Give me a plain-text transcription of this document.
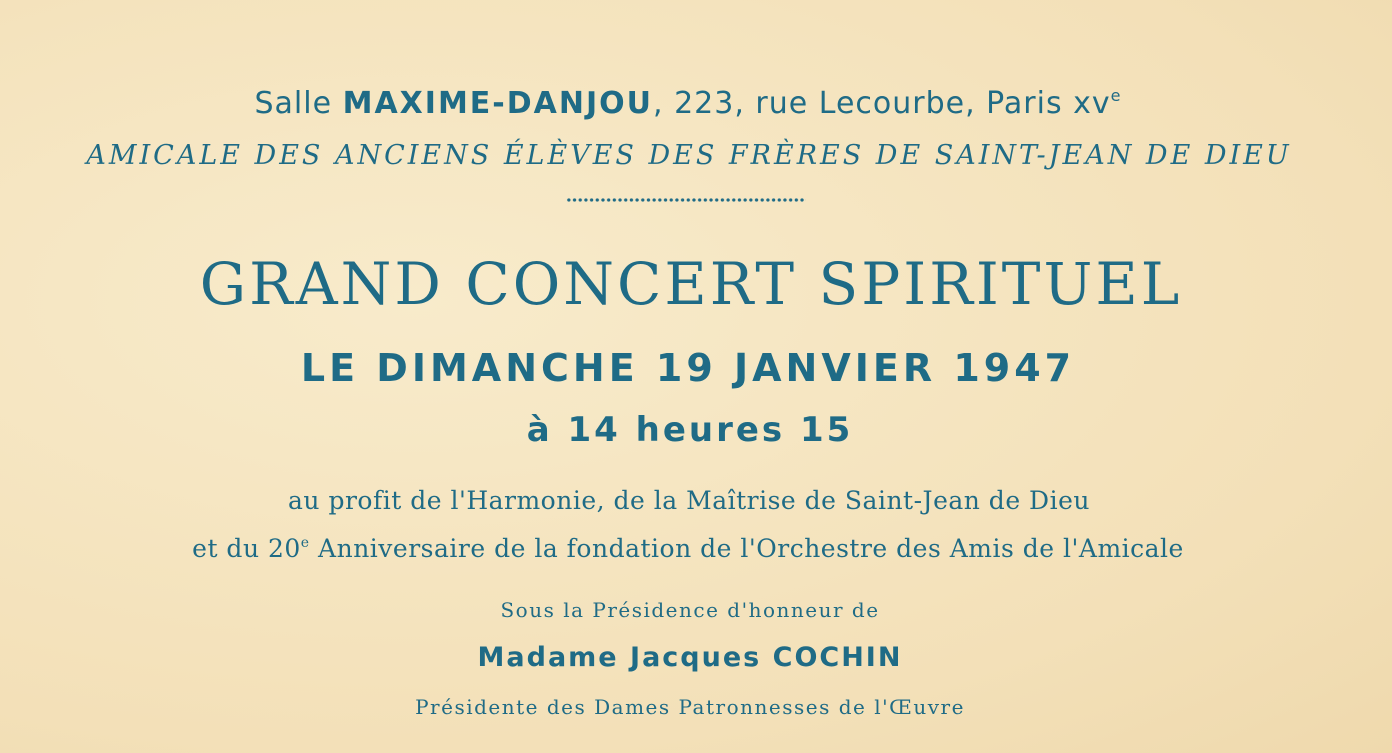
Salle MAXIME-DANJOU, 223, rue Lecourbe, Paris $xv^e$
AMICALE DES ANCIENS ÉLÈVES DES FRÈRES DE SAINT-JEAN DE DIEU
GRAND CONCERT SPIRITUEL
LE DIMANCHE 19 JANVIER 1947
à 14 heures 15
au profit de l'Harmonie, de la Maîtrise de Saint-Jean de Dieu
et du 20e Anniversaire de la fondation de l'Orchestre des Amis de l'Amicale
Sous la Présidence d'honneur de
Madame Jacques COCHIN
Présidente des Dames Patronnesses de l'Œuvre
